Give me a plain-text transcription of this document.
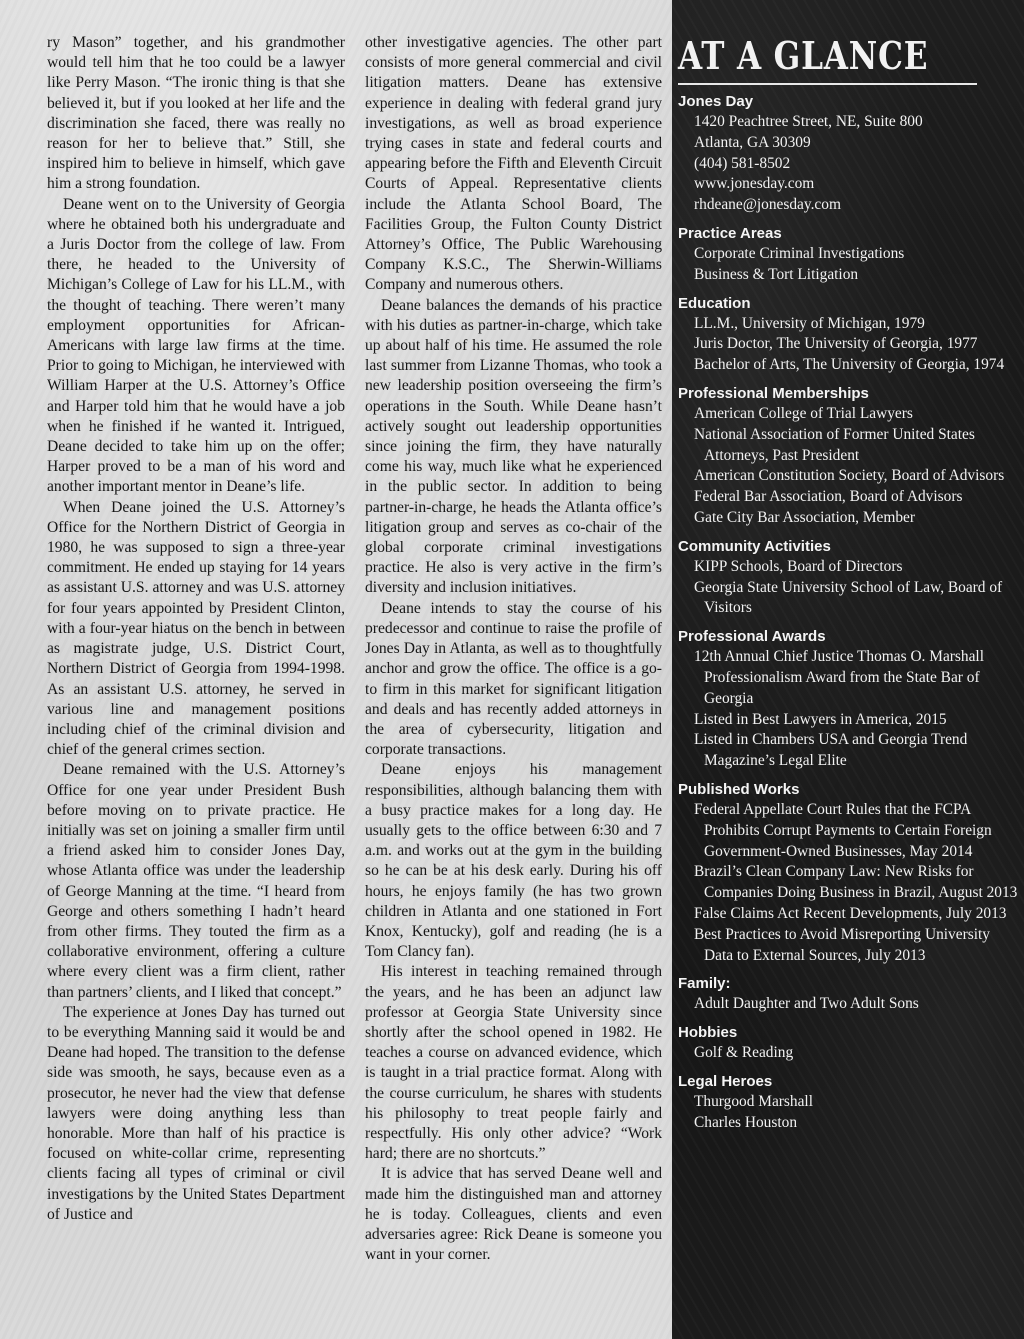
ry Mason” together, and his grandmother would tell him that he too could be a lawyer like Perry Mason. “The ironic thing is that she believed it, but if you looked at her life and the discrimination she faced, there was really no reason for her to believe that.” Still, she inspired him to believe in himself, which gave him a strong foundation.

Deane went on to the University of Georgia where he obtained both his undergraduate and a Juris Doctor from the college of law. From there, he headed to the University of Michigan’s College of Law for his LL.M., with the thought of teaching. There weren’t many employment opportunities for African-Americans with large law firms at the time. Prior to going to Michigan, he interviewed with William Harper at the U.S. Attorney’s Office and Harper told him that he would have a job when he finished if he wanted it. Intrigued, Deane decided to take him up on the offer; Harper proved to be a man of his word and another important mentor in Deane’s life.

When Deane joined the U.S. Attorney’s Office for the Northern District of Georgia in 1980, he was supposed to sign a three-year commitment. He ended up staying for 14 years as assistant U.S. attorney and was U.S. attorney for four years appointed by President Clinton, with a four-year hiatus on the bench in between as magistrate judge, U.S. District Court, Northern District of Georgia from 1994-1998. As an assistant U.S. attorney, he served in various line and management positions including chief of the criminal division and chief of the general crimes section.

Deane remained with the U.S. Attorney’s Office for one year under President Bush before moving on to private practice. He initially was set on joining a smaller firm until a friend asked him to consider Jones Day, whose Atlanta office was under the leadership of George Manning at the time. “I heard from George and others something I hadn’t heard from other firms. They touted the firm as a collaborative environment, offering a culture where every client was a firm client, rather than partners’ clients, and I liked that concept.”

The experience at Jones Day has turned out to be everything Manning said it would be and Deane had hoped. The transition to the defense side was smooth, he says, because even as a prosecutor, he never had the view that defense lawyers were doing anything less than honorable. More than half of his practice is focused on white-collar crime, representing clients facing all types of criminal or civil investigations by the United States Department of Justice and

other investigative agencies. The other part consists of more general commercial and civil litigation matters. Deane has extensive experience in dealing with federal grand jury investigations, as well as broad experience trying cases in state and federal courts and appearing before the Fifth and Eleventh Circuit Courts of Appeal. Representative clients include the Atlanta School Board, The Facilities Group, the Fulton County District Attorney’s Office, The Public Warehousing Company K.S.C., The Sherwin-Williams Company and numerous others.

Deane balances the demands of his practice with his duties as partner-in-charge, which take up about half of his time. He assumed the role last summer from Lizanne Thomas, who took a new leadership position overseeing the firm’s operations in the South. While Deane hasn’t actively sought out leadership opportunities since joining the firm, they have naturally come his way, much like what he experienced in the public sector. In addition to being partner-in-charge, he heads the Atlanta office’s litigation group and serves as co-chair of the global corporate criminal investigations practice. He also is very active in the firm’s diversity and inclusion initiatives.

Deane intends to stay the course of his predecessor and continue to raise the profile of Jones Day in Atlanta, as well as to thoughtfully anchor and grow the office. The office is a go-to firm in this market for significant litigation and deals and has recently added attorneys in the area of cybersecurity, litigation and corporate transactions.

Deane enjoys his management responsibilities, although balancing them with a busy practice makes for a long day. He usually gets to the office between 6:30 and 7 a.m. and works out at the gym in the building so he can be at his desk early. During his off hours, he enjoys family (he has two grown children in Atlanta and one stationed in Fort Knox, Kentucky), golf and reading (he is a Tom Clancy fan).

His interest in teaching remained through the years, and he has been an adjunct law professor at Georgia State University since shortly after the school opened in 1982. He teaches a course on advanced evidence, which is taught in a trial practice format. Along with the course curriculum, he shares with students his philosophy to treat people fairly and respectfully. His only other advice? “Work hard; there are no shortcuts.”

It is advice that has served Deane well and made him the distinguished man and attorney he is today. Colleagues, clients and even adversaries agree: Rick Deane is someone you want in your corner.

AT A GLANCE
Jones Day
1420 Peachtree Street, NE, Suite 800
Atlanta, GA 30309
(404) 581-8502
www.jonesday.com
rhdeane@jonesday.com
Practice Areas
Corporate Criminal Investigations
Business & Tort Litigation
Education
LL.M., University of Michigan, 1979
Juris Doctor, The University of Georgia, 1977
Bachelor of Arts, The University of Georgia, 1974
Professional Memberships
American College of Trial Lawyers
National Association of Former United States Attorneys, Past President
American Constitution Society, Board of Advisors
Federal Bar Association, Board of Advisors
Gate City Bar Association, Member
Community Activities
KIPP Schools, Board of Directors
Georgia State University School of Law, Board of Visitors
Professional Awards
12th Annual Chief Justice Thomas O. Marshall Professionalism Award from the State Bar of Georgia
Listed in Best Lawyers in America, 2015
Listed in Chambers USA and Georgia Trend Magazine’s Legal Elite
Published Works
Federal Appellate Court Rules that the FCPA Prohibits Corrupt Payments to Certain Foreign Government-Owned Businesses, May 2014
Brazil’s Clean Company Law: New Risks for Companies Doing Business in Brazil, August 2013
False Claims Act Recent Developments, July 2013
Best Practices to Avoid Misreporting University Data to External Sources, July 2013
Family:
Adult Daughter and Two Adult Sons
Hobbies
Golf & Reading
Legal Heroes
Thurgood Marshall
Charles Houston
